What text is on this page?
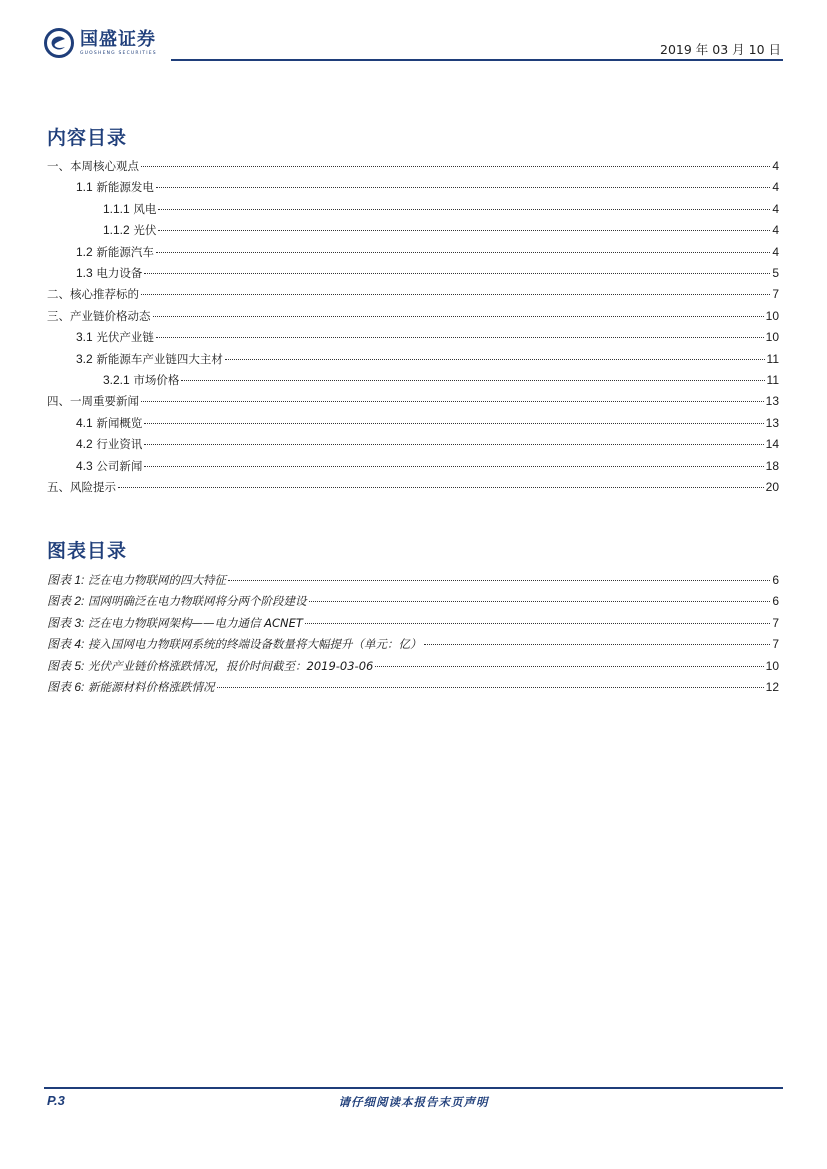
国盛证券
GUOSHENG SECURITIES	2019 年 03 月 10 日
内容目录
一、本周核心观点	4
1.1 新能源发电	4
1.1.1 风电	4
1.1.2 光伏	4
1.2 新能源汽车	4
1.3 电力设备	5
二、核心推荐标的	7
三、产业链价格动态	10
3.1 光伏产业链	10
3.2 新能源车产业链四大主材	11
3.2.1 市场价格	11
四、一周重要新闻	13
4.1 新闻概览	13
4.2 行业资讯	14
4.3 公司新闻	18
五、风险提示	20
图表目录
图表 1: 泛在电力物联网的四大特征	6
图表 2: 国网明确泛在电力物联网将分两个阶段建设	6
图表 3: 泛在电力物联网架构——电力通信 ACNET	7
图表 4: 接入国网电力物联网系统的终端设备数量将大幅提升（单元：亿）	7
图表 5: 光伏产业链价格涨跌情况，报价时间截至：2019-03-06	10
图表 6: 新能源材料价格涨跌情况	12
P.3	请仔细阅读本报告末页声明
